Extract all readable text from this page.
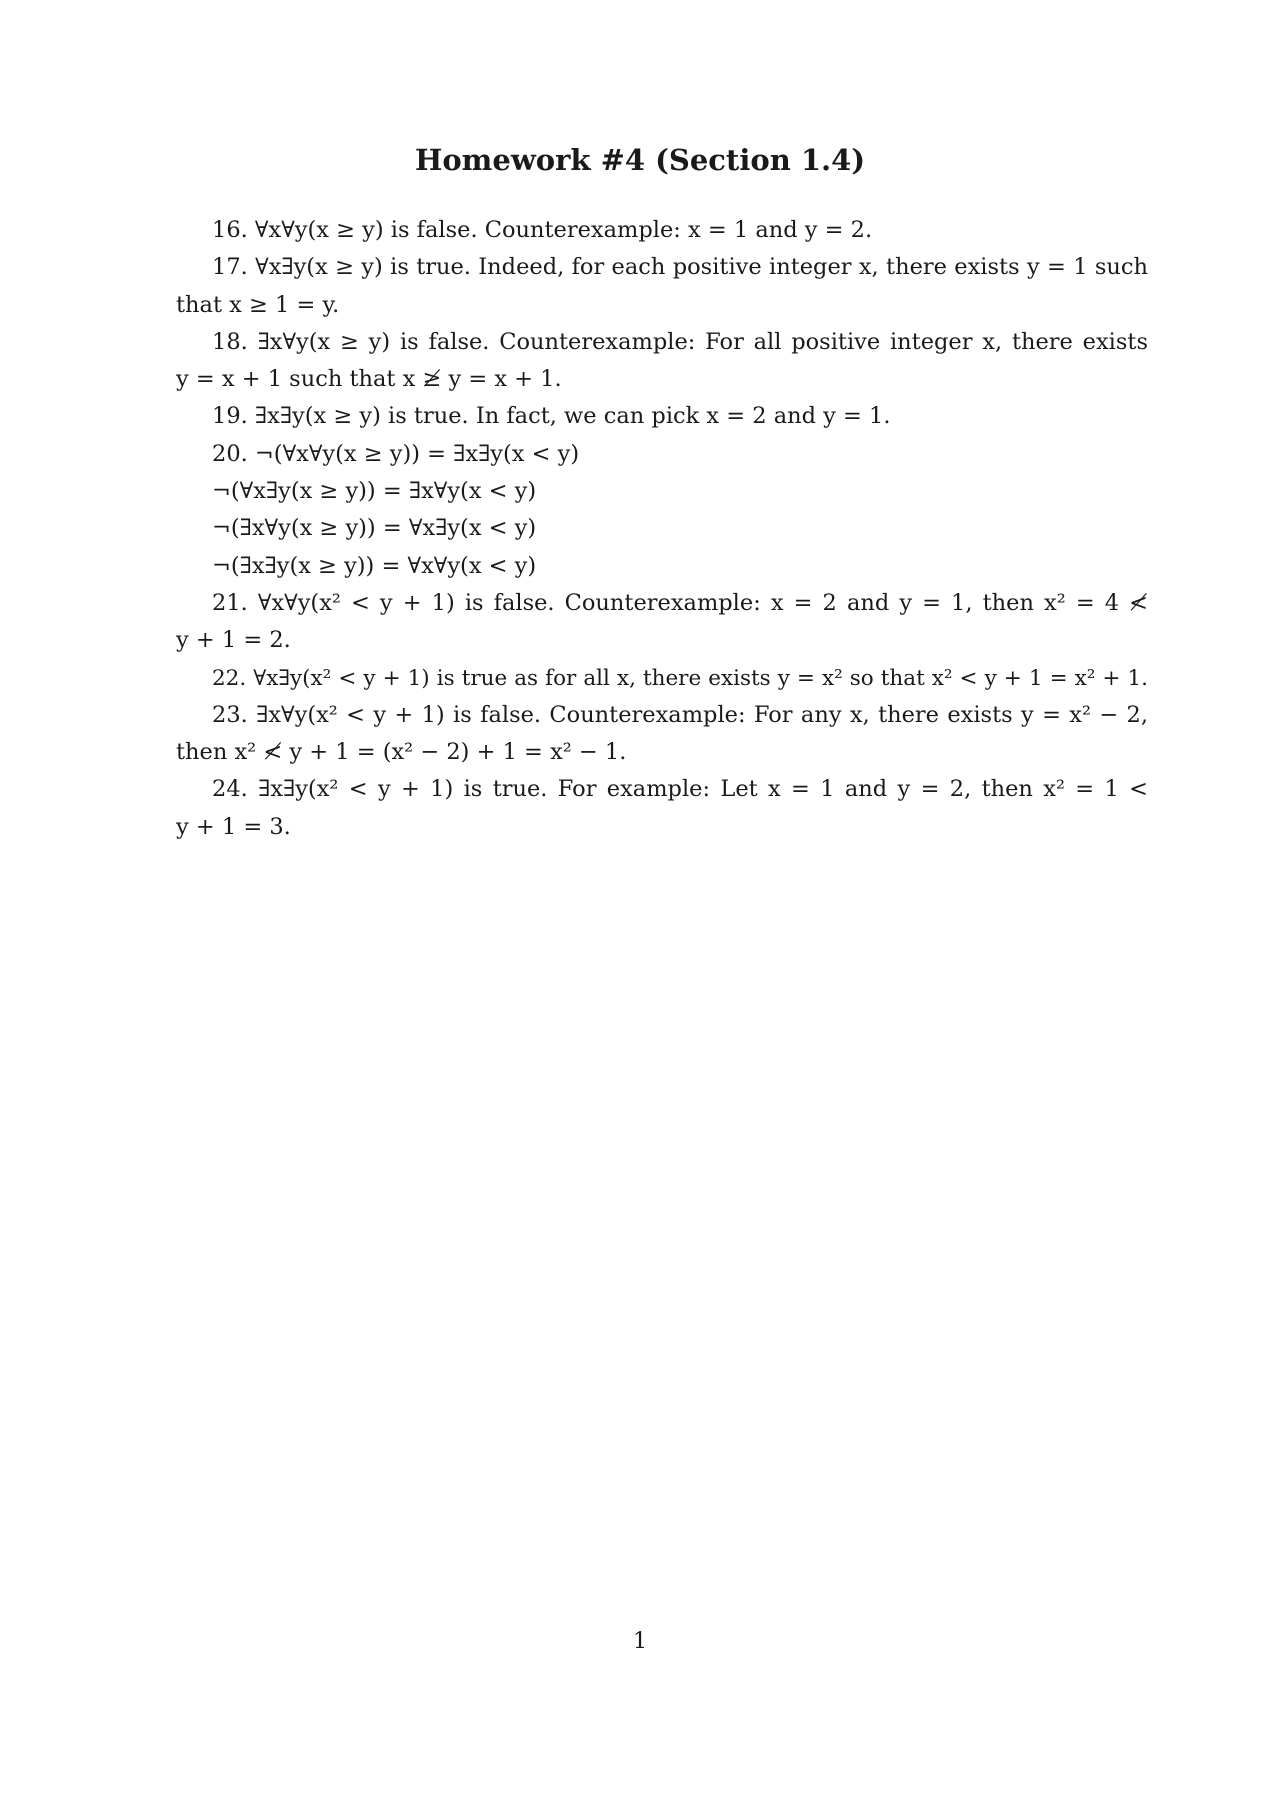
Homework #4 (Section 1.4)
16. ∀x∀y(x ≥ y) is false. Counterexample: x = 1 and y = 2.
17. ∀x∃y(x ≥ y) is true. Indeed, for each positive integer x, there exists y = 1 such
that x ≥ 1 = y.
18. ∃x∀y(x ≥ y) is false. Counterexample: For all positive integer x, there exists
y = x + 1 such that x ≱ y = x + 1.
19. ∃x∃y(x ≥ y) is true. In fact, we can pick x = 2 and y = 1.
20. ¬(∀x∀y(x ≥ y)) = ∃x∃y(x < y)
¬(∀x∃y(x ≥ y)) = ∃x∀y(x < y)
¬(∃x∀y(x ≥ y)) = ∀x∃y(x < y)
¬(∃x∃y(x ≥ y)) = ∀x∀y(x < y)
21. ∀x∀y(x² < y + 1) is false. Counterexample: x = 2 and y = 1, then x² = 4 ≮
y + 1 = 2.
22. ∀x∃y(x² < y + 1) is true as for all x, there exists y = x² so that x² < y + 1 = x² + 1.
23. ∃x∀y(x² < y + 1) is false. Counterexample: For any x, there exists y = x² − 2,
then x² ≮ y + 1 = (x² − 2) + 1 = x² − 1.
24. ∃x∃y(x² < y + 1) is true. For example: Let x = 1 and y = 2, then x² = 1 <
y + 1 = 3.
1
